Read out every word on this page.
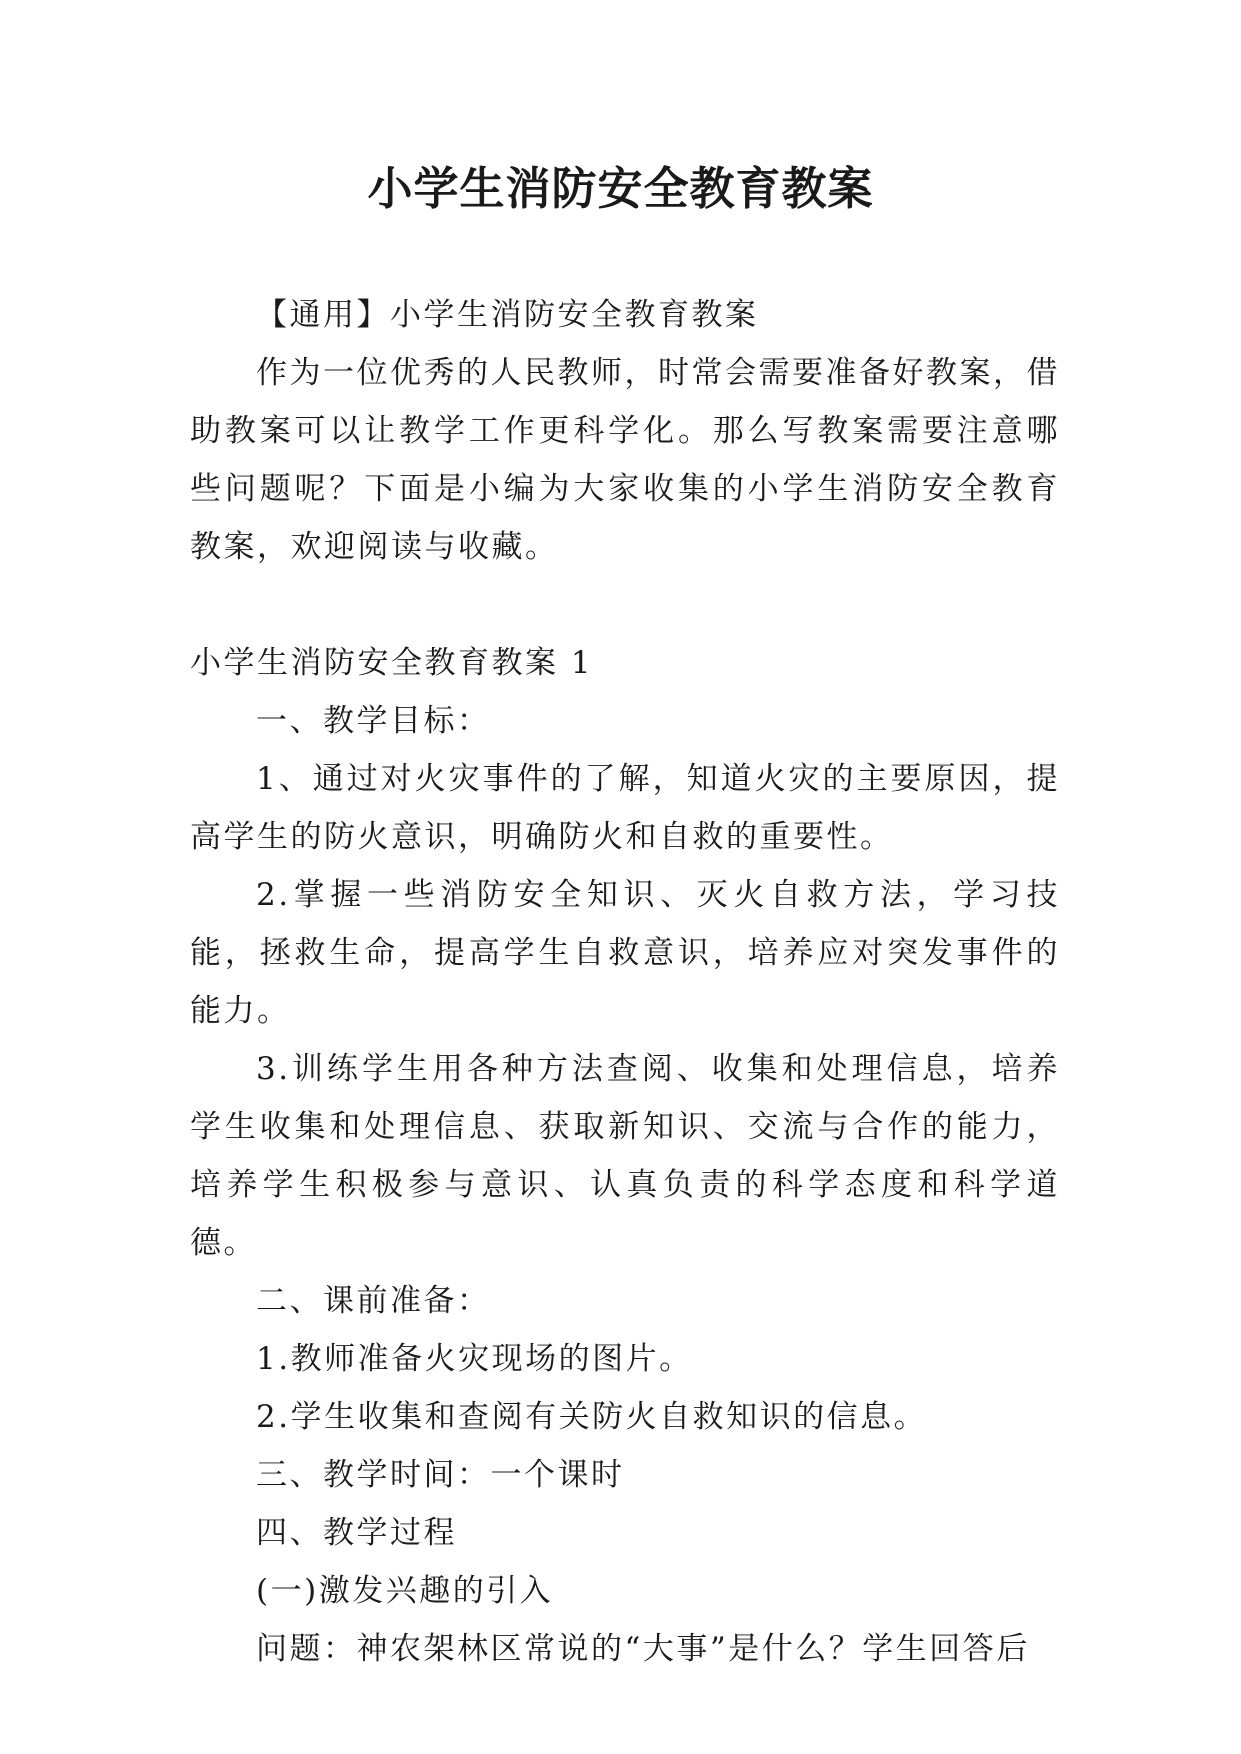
小学生消防安全教育教案

【通用】小学生消防安全教育教案

作为一位优秀的人民教师，时常会需要准备好教案，借助教案可以让教学工作更科学化。那么写教案需要注意哪些问题呢？下面是小编为大家收集的小学生消防安全教育教案，欢迎阅读与收藏。

小学生消防安全教育教案 1

一、教学目标：

1、通过对火灾事件的了解，知道火灾的主要原因，提高学生的防火意识，明确防火和自救的重要性。

2.掌握一些消防安全知识、灭火自救方法，学习技能，拯救生命，提高学生自救意识，培养应对突发事件的能力。

3.训练学生用各种方法查阅、收集和处理信息，培养学生收集和处理信息、获取新知识、交流与合作的能力，培养学生积极参与意识、认真负责的科学态度和科学道德。

二、课前准备：

1.教师准备火灾现场的图片。

2.学生收集和查阅有关防火自救知识的信息。

三、教学时间：一个课时

四、教学过程

(一)激发兴趣的引入

问题：神农架林区常说的“大事”是什么？学生回答后
